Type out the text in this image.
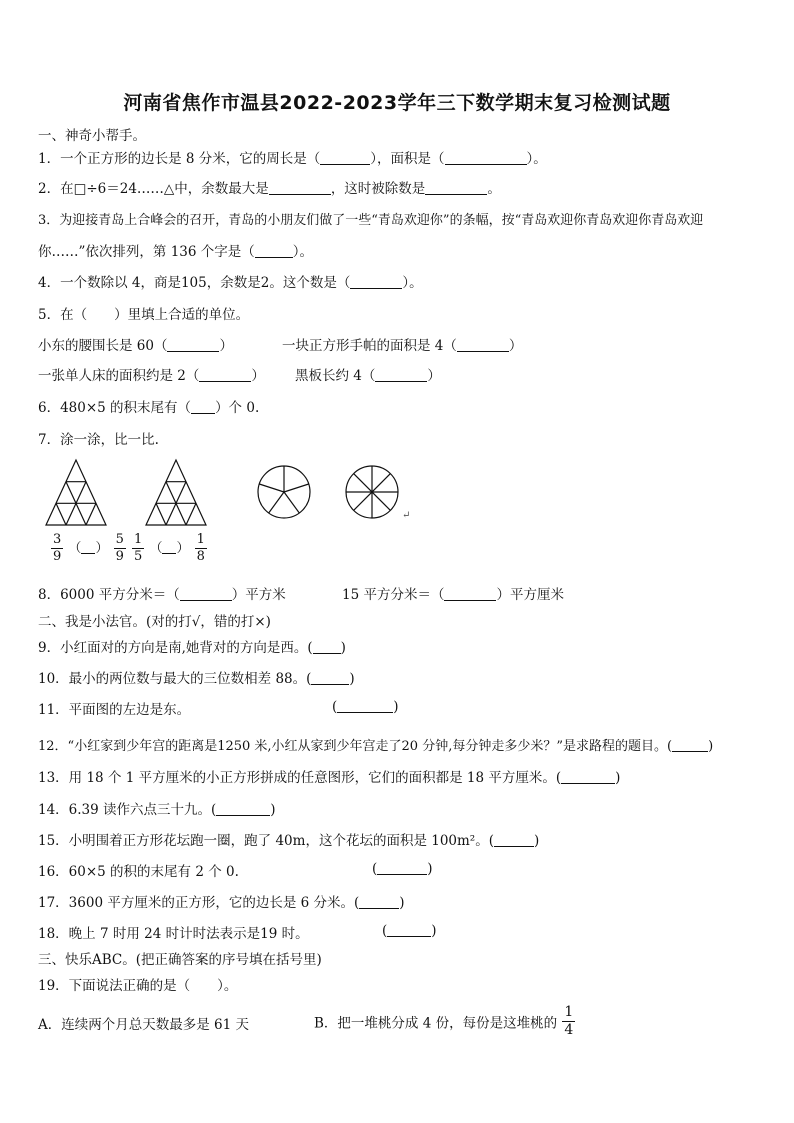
河南省焦作市温县2022-2023学年三下数学期末复习检测试题
一、神奇小帮手。
1．一个正方形的边长是 8 分米，它的周长是（	），面积是（	）。
2．在□÷6＝24……△中，余数最大是	，这时被除数是	。
3．为迎接青岛上合峰会的召开，青岛的小朋友们做了一些“青岛欢迎你”的条幅，按“青岛欢迎你青岛欢迎你青岛欢迎
你……”依次排列，第 136 个字是（	）。
4．一个数除以 4，商是105，余数是2。这个数是（	）。
5．在（　　）里填上合适的单位。
小东的腰围长是 60（	）	一块正方形手帕的面积是 4（	）
一张单人床的面积约是 2（	） 黑板长约 4（	）
6．480×5 的积末尾有（ ）个 0.
7．涂一涂，比一比.
↵
$\frac{3}{9}$ （ ） $\frac{5}{9}$
$\frac{1}{5}$ （ ） $\frac{1}{8}$
8．6000 平方分米＝（	）平方米	15 平方分米＝（	）平方厘米
二、我是小法官。(对的打√，错的打×)
9．小红面对的方向是南,她背对的方向是西。( )
10．最小的两位数与最大的三位数相差 88。(	)
11．平面图的左边是东。	(	)
12．“小红家到少年宫的距离是1250 米,小红从家到少年宫走了20 分钟,每分钟走多少米？”是求路程的题目。(	)
13．用 18 个 1 平方厘米的小正方形拼成的任意图形，它们的面积都是 18 平方厘米。(	)
14．6.39 读作六点三十九。(	)
15．小明围着正方形花坛跑一圈，跑了 40m，这个花坛的面积是 100m²。(	)
16．60×5 的积的末尾有 2 个 0.	(	)
17．3600 平方厘米的正方形，它的边长是 6 分米。(	)
18．晚上 7 时用 24 时计时法表示是19 时。	(	)
三、快乐ABC。(把正确答案的序号填在括号里)
19．下面说法正确的是（　　）。
A．连续两个月总天数最多是 61 天	B．把一堆桃分成 4 份，每份是这堆桃的 $\frac{1}{4}$
